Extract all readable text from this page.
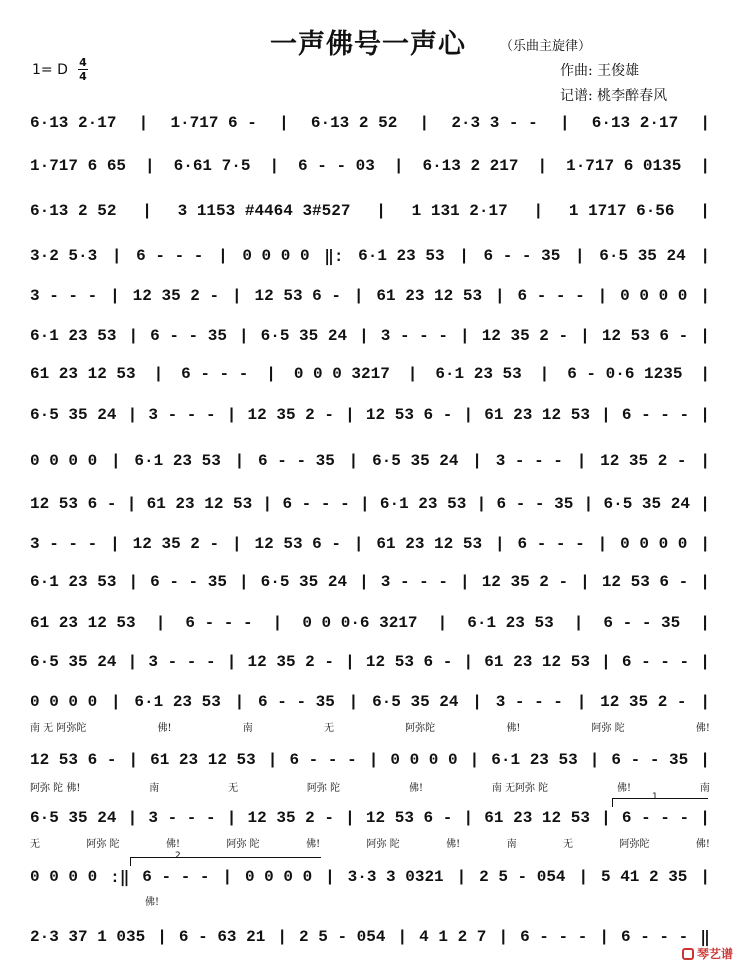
一声佛号一声心	（乐曲主旋律）
1= D 4
4	作曲: 王俊雄
记谱: 桃李醉春风
6·13 2·17 | 1·717 6 - | 6·13 2 52 | 2·3 3 - - | 6·13 2·17 |
1·717 6 65 | 6·61 7·5 | 6 - - 03 | 6·13 2 217 | 1·717 6 0135 |
6·13 2 52 | 3 1153 #4464 3#527 | 1 131 2·17 | 1 1717 6·56 |
3·2 5·3 | 6 - - - | 0 0 0 0 ‖: 6·1 23 53 | 6 - - 35 | 6·5 35 24 |
3 - - - | 12 35 2 - | 12 53 6 - | 61 23 12 53 | 6 - - - | 0 0 0 0 |
6·1 23 53 | 6 - - 35 | 6·5 35 24 | 3 - - - | 12 35 2 - | 12 53 6 - |
61 23 12 53 | 6 - - - | 0 0 0 3217 | 6·1 23 53 | 6 - 0·6 1235 |
6·5 35 24 | 3 - - - | 12 35 2 - | 12 53 6 - | 61 23 12 53 | 6 - - - |
0 0 0 0 | 6·1 23 53 | 6 - - 35 | 6·5 35 24 | 3 - - - | 12 35 2 - |
12 53 6 - | 61 23 12 53 | 6 - - - | 6·1 23 53 | 6 - - 35 | 6·5 35 24 |
3 - - - | 12 35 2 - | 12 53 6 - | 61 23 12 53 | 6 - - - | 0 0 0 0 |
6·1 23 53 | 6 - - 35 | 6·5 35 24 | 3 - - - | 12 35 2 - | 12 53 6 - |
61 23 12 53 | 6 - - - | 0 0 0·6 3217 | 6·1 23 53 | 6 - - 35 |
6·5 35 24 | 3 - - - | 12 35 2 - | 12 53 6 - | 61 23 12 53 | 6 - - - |
0 0 0 0 | 6·1 23 53 | 6 - - 35 | 6·5 35 24 | 3 - - - | 12 35 2 - |
12 53 6 - | 61 23 12 53 | 6 - - - | 0 0 0 0 | 6·1 23 53 | 6 - - 35 |
6·5 35 24 | 3 - - - | 12 35 2 - | 12 53 6 - | 61 23 12 53 | 6 - - - |
0 0 0 0 :‖ 6 - - - | 0 0 0 0 | 3·3 3 0321 | 2 5 - 054 | 5 41 2 35 |
2·3 37 1 035 | 6 - 63 21 | 2 5 - 054 | 4 1 2 7 | 6 - - - | 6 - - - ‖
南 无 阿弥陀	佛!	南	无	阿弥陀	佛!	阿弥 陀	佛!
阿弥 陀 佛!	南	无	阿弥 陀	佛!	南 无阿弥 陀	佛!	南
无	阿弥 陀	佛!	阿弥 陀	佛!	阿弥 陀	佛!	南	无	阿弥陀	佛!
佛!
1
2
琴艺谱
